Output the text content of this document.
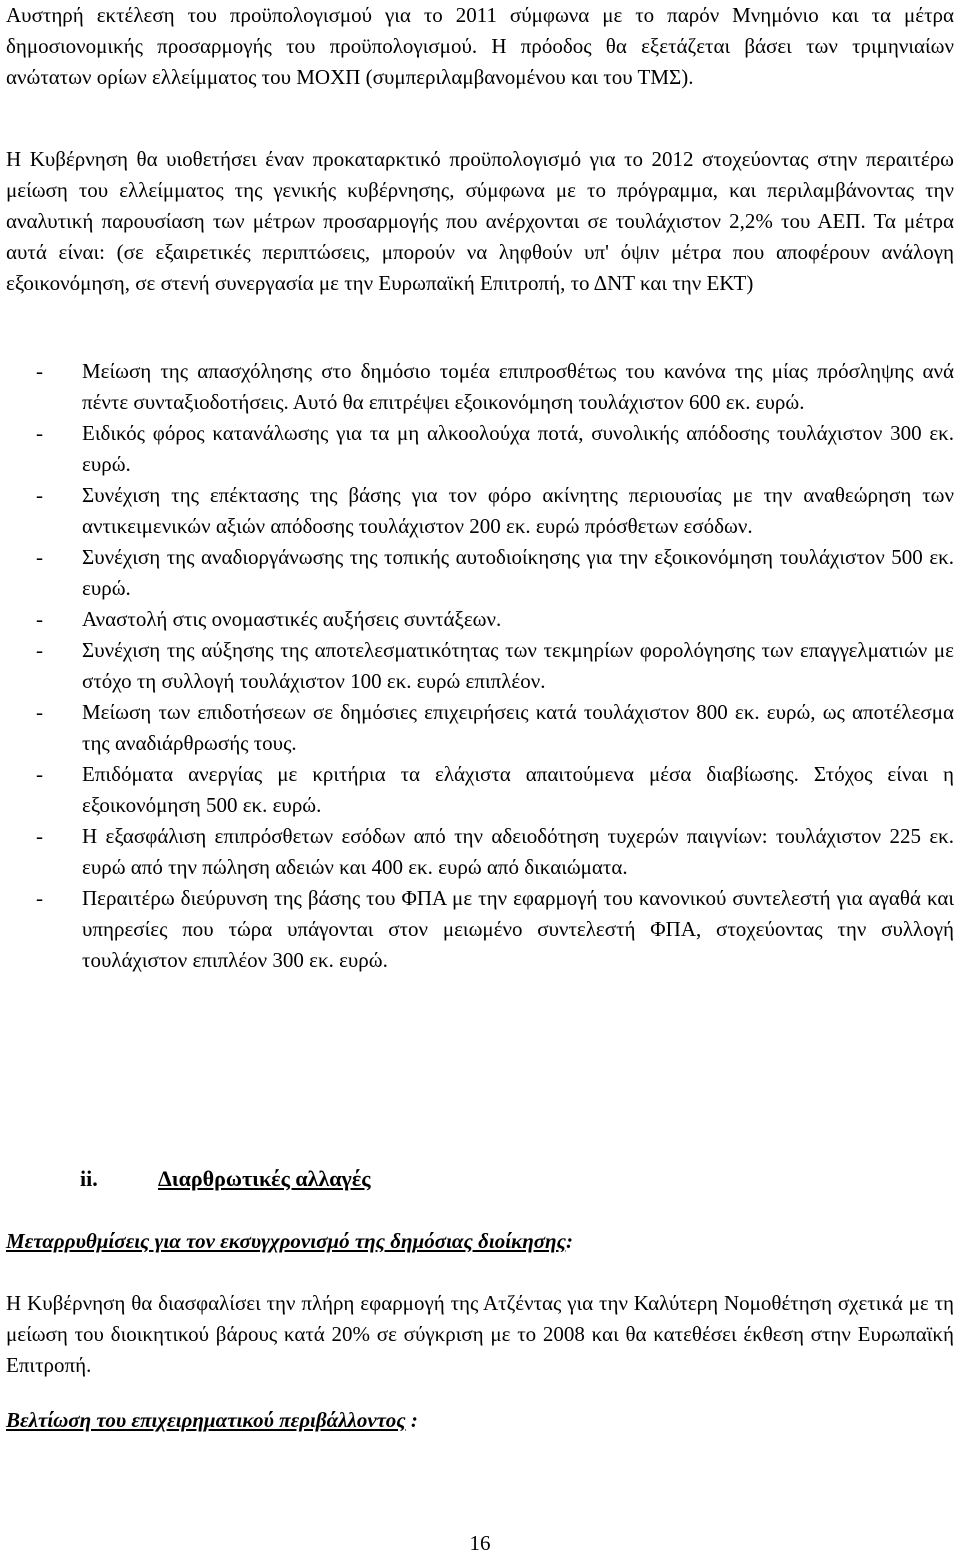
Αυστηρή εκτέλεση του προϋπολογισμού για το 2011 σύμφωνα με το παρόν Μνημόνιο και τα μέτρα δημοσιονομικής προσαρμογής του προϋπολογισμού. Η πρόοδος θα εξετάζεται βάσει των τριμηνιαίων ανώτατων ορίων ελλείμματος του ΜΟΧΠ (συμπεριλαμβανομένου και του ΤΜΣ).

Η Κυβέρνηση θα υιοθετήσει έναν προκαταρκτικό προϋπολογισμό για το 2012 στοχεύοντας στην περαιτέρω μείωση του ελλείμματος της γενικής κυβέρνησης, σύμφωνα με το πρόγραμμα, και περιλαμβάνοντας την αναλυτική παρουσίαση των μέτρων προσαρμογής που ανέρχονται σε τουλάχιστον 2,2% του ΑΕΠ. Τα μέτρα αυτά είναι: (σε εξαιρετικές περιπτώσεις, μπορούν να ληφθούν υπ' όψιν μέτρα που αποφέρουν ανάλογη εξοικονόμηση, σε στενή συνεργασία με την Ευρωπαϊκή Επιτροπή, το ΔΝΤ και την ΕΚΤ)

- Μείωση της απασχόλησης στο δημόσιο τομέα επιπροσθέτως του κανόνα της μίας πρόσληψης ανά πέντε συνταξιοδοτήσεις. Αυτό θα επιτρέψει εξοικονόμηση τουλάχιστον 600 εκ. ευρώ.
- Ειδικός φόρος κατανάλωσης για τα μη αλκοολούχα ποτά, συνολικής απόδοσης τουλάχιστον 300 εκ. ευρώ.
- Συνέχιση της επέκτασης της βάσης για τον φόρο ακίνητης περιουσίας με την αναθεώρηση των αντικειμενικών αξιών απόδοσης τουλάχιστον 200 εκ. ευρώ πρόσθετων εσόδων.
- Συνέχιση της αναδιοργάνωσης της τοπικής αυτοδιοίκησης για την εξοικονόμηση τουλάχιστον 500 εκ. ευρώ.
- Αναστολή στις ονομαστικές αυξήσεις συντάξεων.
- Συνέχιση της αύξησης της αποτελεσματικότητας των τεκμηρίων φορολόγησης των επαγγελματιών με στόχο τη συλλογή τουλάχιστον 100 εκ. ευρώ επιπλέον.
- Μείωση των επιδοτήσεων σε δημόσιες επιχειρήσεις κατά τουλάχιστον 800 εκ. ευρώ, ως αποτέλεσμα της αναδιάρθρωσής τους.
- Επιδόματα ανεργίας με κριτήρια τα ελάχιστα απαιτούμενα μέσα διαβίωσης. Στόχος είναι η εξοικονόμηση 500 εκ. ευρώ.
- Η εξασφάλιση επιπρόσθετων εσόδων από την αδειοδότηση τυχερών παιγνίων: τουλάχιστον 225 εκ. ευρώ από την πώληση αδειών και 400 εκ. ευρώ από δικαιώματα.
- Περαιτέρω διεύρυνση της βάσης του ΦΠΑ με την εφαρμογή του κανονικού συντελεστή για αγαθά και υπηρεσίες που τώρα υπάγονται στον μειωμένο συντελεστή ΦΠΑ, στοχεύοντας την συλλογή τουλάχιστον επιπλέον 300 εκ. ευρώ.

ii.	Διαρθρωτικές αλλαγές

Μεταρρυθμίσεις για τον εκσυγχρονισμό της δημόσιας διοίκησης:

Η Κυβέρνηση θα διασφαλίσει την πλήρη εφαρμογή της Ατζέντας για την Καλύτερη Νομοθέτηση σχετικά με τη μείωση του διοικητικού βάρους κατά 20% σε σύγκριση με το 2008 και θα κατεθέσει έκθεση στην Ευρωπαϊκή Επιτροπή.

Βελτίωση του επιχειρηματικού περιβάλλοντος :

16
